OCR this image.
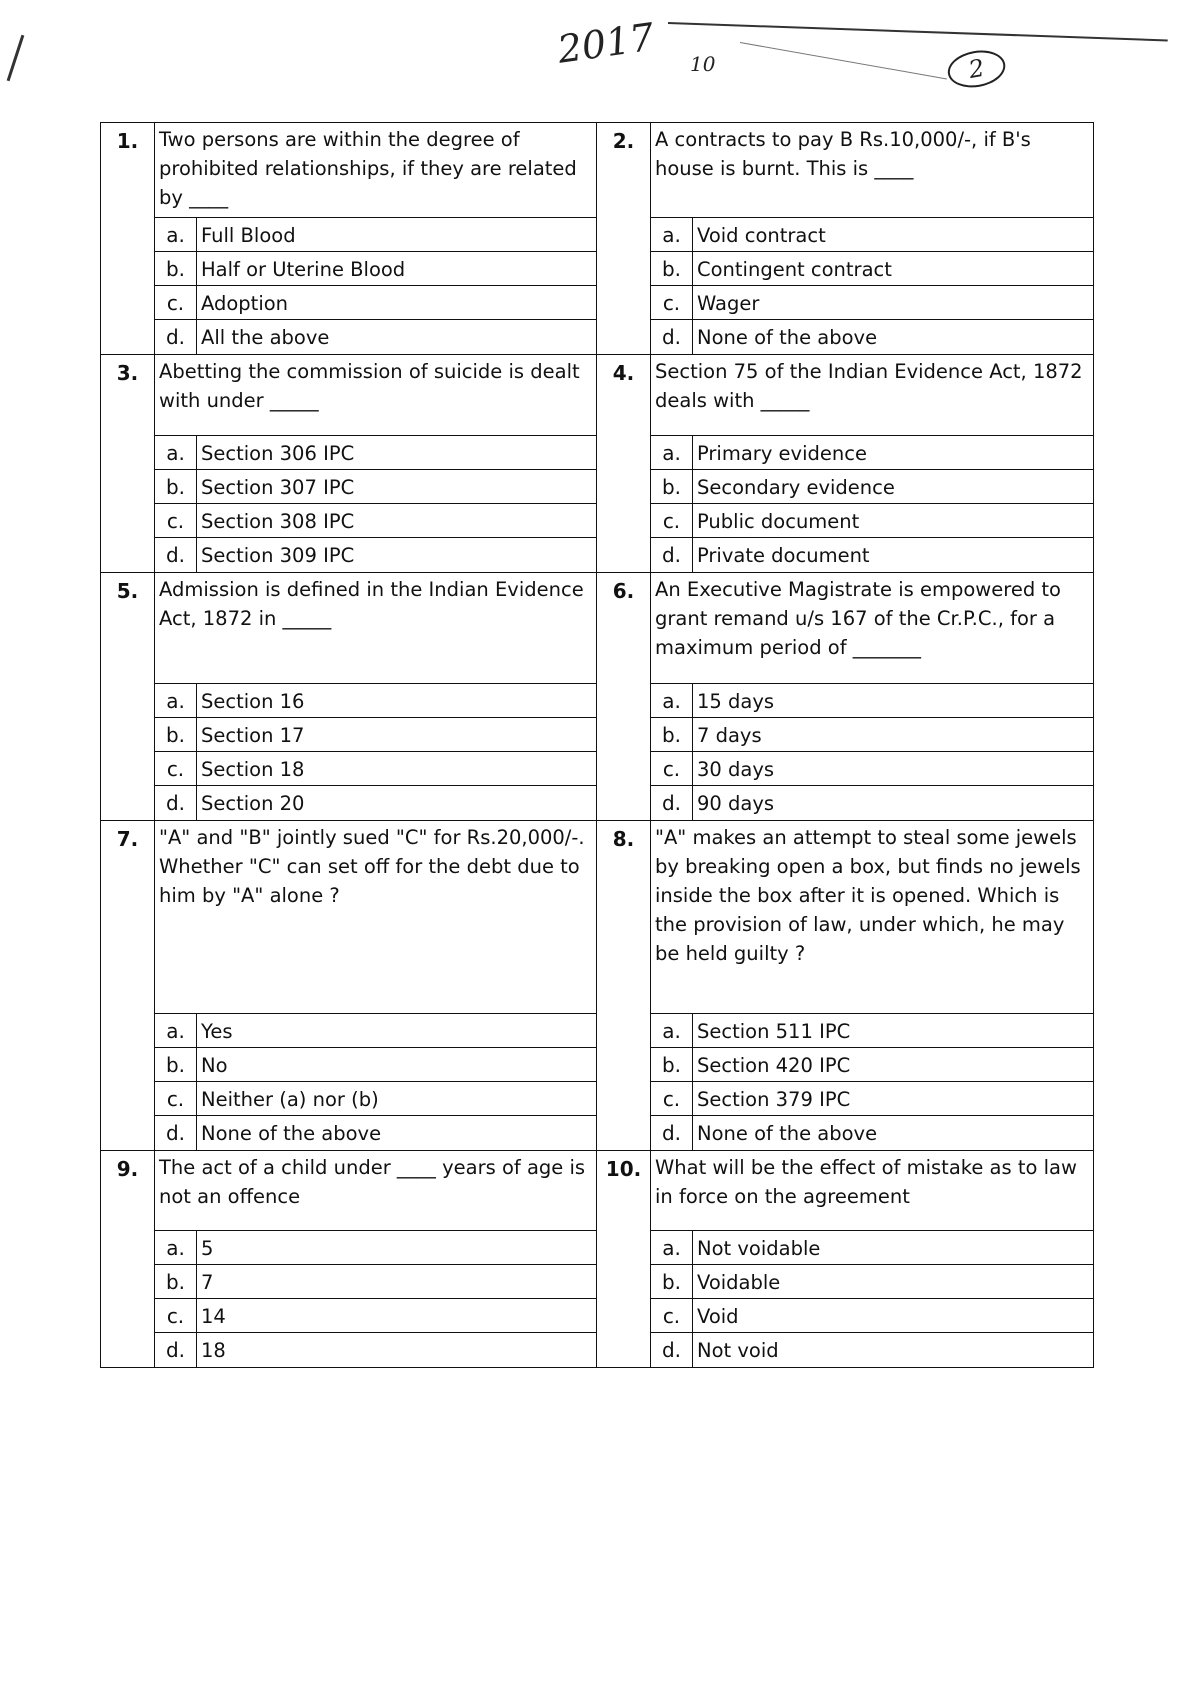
2017 10	2
1.	Two persons are within the degree of prohibited relationships, if they are related by ____
a. Full Blood
b. Half or Uterine Blood
c. Adoption
d. All the above
2.	A contracts to pay B Rs.10,000/-, if B's house is burnt. This is ____
a. Void contract
b. Contingent contract
c. Wager
d. None of the above
3.	Abetting the commission of suicide is dealt with under _____
a. Section 306 IPC
b. Section 307 IPC
c. Section 308 IPC
d. Section 309 IPC
4.	Section 75 of the Indian Evidence Act, 1872 deals with _____
a. Primary evidence
b. Secondary evidence
c. Public document
d. Private document
5.	Admission is defined in the Indian Evidence Act, 1872 in _____
a. Section 16
b. Section 17
c. Section 18
d. Section 20
6.	An Executive Magistrate is empowered to grant remand u/s 167 of the Cr.P.C., for a maximum period of _______
a. 15 days
b. 7 days
c. 30 days
d. 90 days
7.	"A" and "B" jointly sued "C" for Rs.20,000/-. Whether "C" can set off for the debt due to him by "A" alone ?
a. Yes
b. No
c. Neither (a) nor (b)
d. None of the above
8.	"A" makes an attempt to steal some jewels by breaking open a box, but finds no jewels inside the box after it is opened. Which is the provision of law, under which, he may be held guilty ?
a. Section 511 IPC
b. Section 420 IPC
c. Section 379 IPC
d. None of the above
9.	The act of a child under ____ years of age is not an offence
a. 5
b. 7
c. 14
d. 18
10. What will be the effect of mistake as to law in force on the agreement
a. Not voidable
b. Voidable
c. Void
d. Not void
